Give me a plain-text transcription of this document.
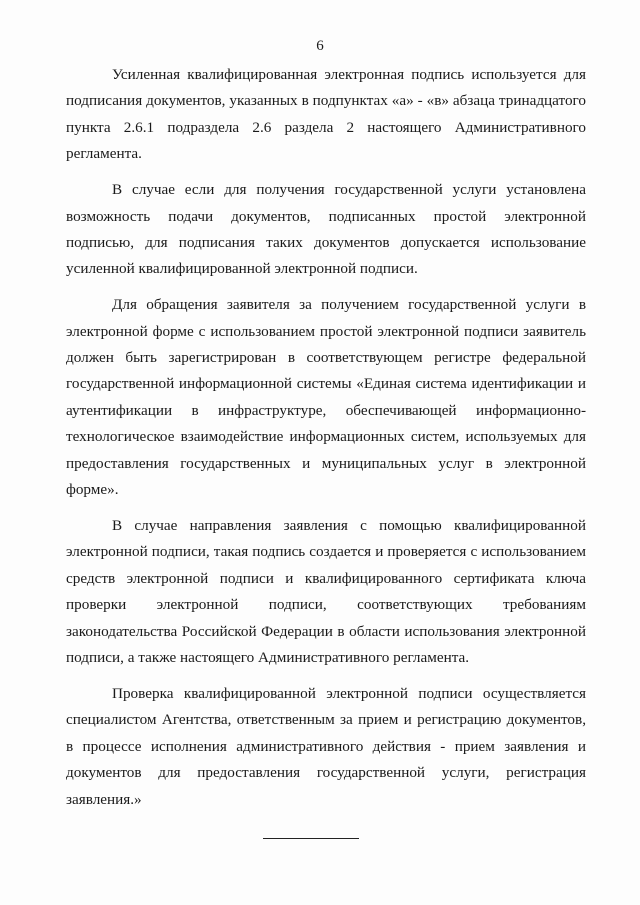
6

Усиленная квалифицированная электронная подпись используется для подписания документов, указанных в подпунктах «а» - «в» абзаца тринадцатого пункта 2.6.1 подраздела 2.6 раздела 2 настоящего Административного регламента.

В случае если для получения государственной услуги установлена возможность подачи документов, подписанных простой электронной подписью, для подписания таких документов допускается использование усиленной квалифицированной электронной подписи.

Для обращения заявителя за получением государственной услуги в электронной форме с использованием простой электронной подписи заявитель должен быть зарегистрирован в соответствующем регистре федеральной государственной информационной системы «Единая система идентификации и аутентификации в инфраструктуре, обеспечивающей информационно-технологическое взаимодействие информационных систем, используемых для предоставления государственных и муниципальных услуг в электронной форме».

В случае направления заявления с помощью квалифицированной электронной подписи, такая подпись создается и проверяется с использованием средств электронной подписи и квалифицированного сертификата ключа проверки электронной подписи, соответствующих требованиям законодательства Российской Федерации в области использования электронной подписи, а также настоящего Административного регламента.

Проверка квалифицированной электронной подписи осуществляется специалистом Агентства, ответственным за прием и регистрацию документов, в процессе исполнения административного действия - прием заявления и документов для предоставления государственной услуги, регистрация заявления.»
